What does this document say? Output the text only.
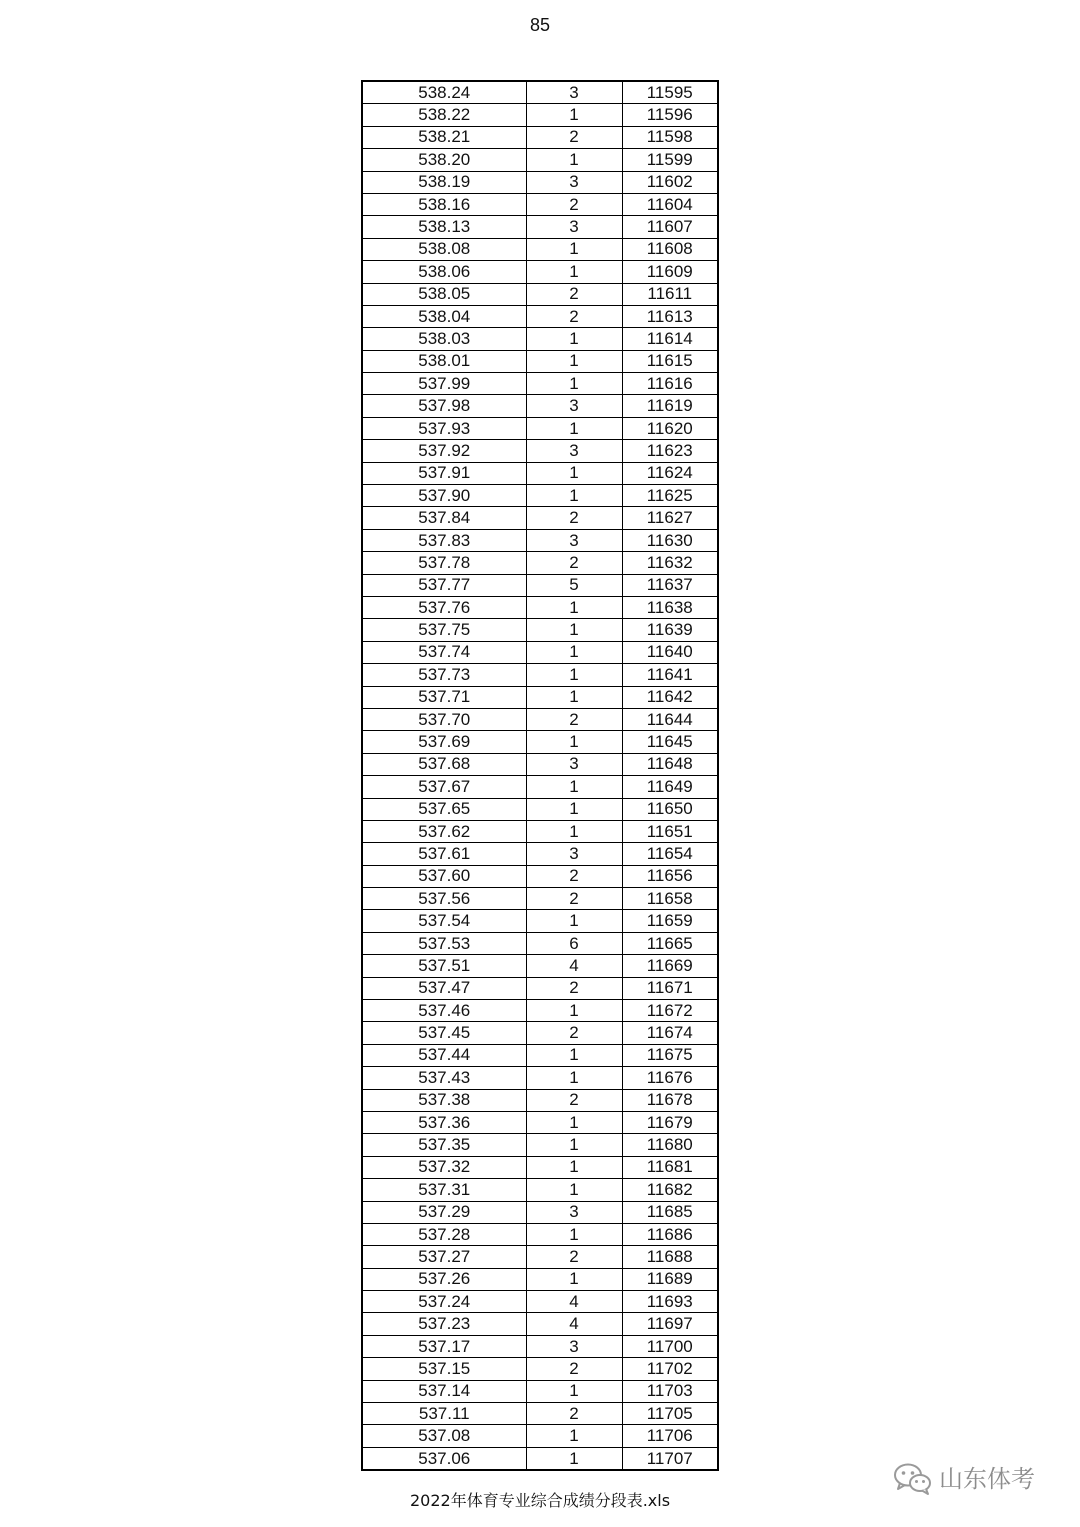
85
538.24	3	11595
538.22	1	11596
538.21	2	11598
538.20	1	11599
538.19	3	11602
538.16	2	11604
538.13	3	11607
538.08	1	11608
538.06	1	11609
538.05	2	11611
538.04	2	11613
538.03	1	11614
538.01	1	11615
537.99	1	11616
537.98	3	11619
537.93	1	11620
537.92	3	11623
537.91	1	11624
537.90	1	11625
537.84	2	11627
537.83	3	11630
537.78	2	11632
537.77	5	11637
537.76	1	11638
537.75	1	11639
537.74	1	11640
537.73	1	11641
537.71	1	11642
537.70	2	11644
537.69	1	11645
537.68	3	11648
537.67	1	11649
537.65	1	11650
537.62	1	11651
537.61	3	11654
537.60	2	11656
537.56	2	11658
537.54	1	11659
537.53	6	11665
537.51	4	11669
537.47	2	11671
537.46	1	11672
537.45	2	11674
537.44	1	11675
537.43	1	11676
537.38	2	11678
537.36	1	11679
537.35	1	11680
537.32	1	11681
537.31	1	11682
537.29	3	11685
537.28	1	11686
537.27	2	11688
537.26	1	11689
537.24	4	11693
537.23	4	11697
537.17	3	11700
537.15	2	11702
537.14	1	11703
537.11	2	11705
537.08	1	11706
537.06	1	11707
山东体考
2022年体育专业综合成绩分段表.xls
